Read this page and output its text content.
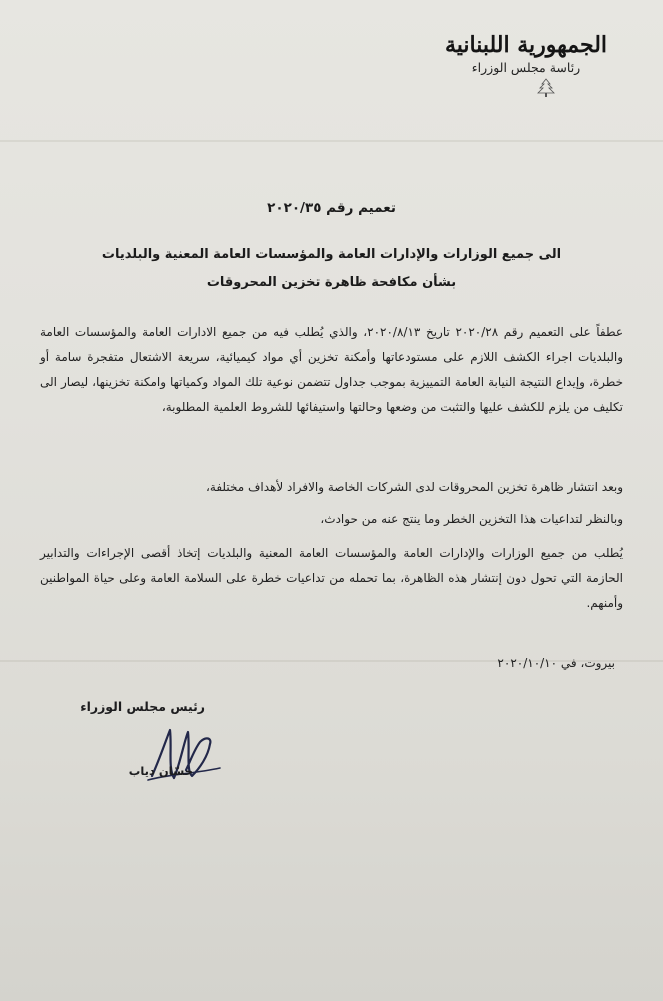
الجمهورية اللبنانية
رئاسة مجلس الوزراء
تعميم رقم ٢٠٢٠/٣٥
الى جميع الوزارات والإدارات العامة والمؤسسات العامة المعنية والبلديات
بشأن مكافحة ظاهرة تخزين المحروقات
عطفاً على التعميم رقم ٢٠٢٠/٢٨ تاريخ ٢٠٢٠/٨/١٣، والذي يُطلب فيه من جميع الادارات العامة والمؤسسات العامة والبلديات اجراء الكشف اللازم على مستودعاتها وأمكنة تخزين أي مواد كيميائية، سريعة الاشتعال متفجرة سامة أو خطرة، وإيداع النتيجة النيابة العامة التمييزية بموجب جداول تتضمن نوعية تلك المواد وكمياتها وامكنة تخزينها، ليصار الى تكليف من يلزم للكشف عليها والتثبت من وضعها وحالتها واستيفائها للشروط العلمية المطلوبة،
وبعد انتشار ظاهرة تخزين المحروقات لدى الشركات الخاصة والافراد لأهداف مختلفة،
وبالنظر لتداعيات هذا التخزين الخطر وما ينتج عنه من حوادث،
يُطلب من جميع الوزارات والإدارات العامة والمؤسسات العامة المعنية والبلديات إتخاذ أقصى الإجراءات والتدابير الحازمة التي تحول دون إنتشار هذه الظاهرة، بما تحمله من تداعيات خطرة على السلامة العامة وعلى حياة المواطنين وأمنهم.
بيروت، في ٢٠٢٠/١٠/١٠
رئيس مجلس الوزراء
حسّان دياب
